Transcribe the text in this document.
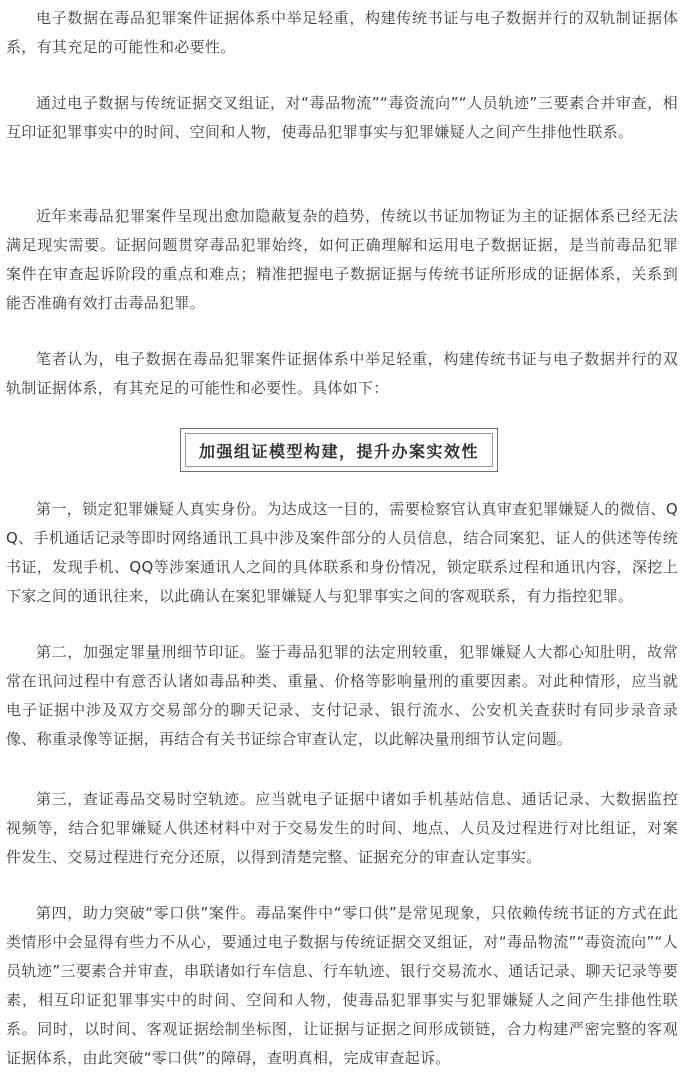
电子数据在毒品犯罪案件证据体系中举足轻重，构建传统书证与电子数据并行的双轨制证据体系，有其充足的可能性和必要性。

通过电子数据与传统证据交叉组证，对“毒品物流”“毒资流向”“人员轨迹”三要素合并审查，相互印证犯罪事实中的时间、空间和人物，使毒品犯罪事实与犯罪嫌疑人之间产生排他性联系。

近年来毒品犯罪案件呈现出愈加隐蔽复杂的趋势，传统以书证加物证为主的证据体系已经无法满足现实需要。证据问题贯穿毒品犯罪始终，如何正确理解和运用电子数据证据，是当前毒品犯罪案件在审查起诉阶段的重点和难点；精准把握电子数据证据与传统书证所形成的证据体系，关系到能否准确有效打击毒品犯罪。

笔者认为，电子数据在毒品犯罪案件证据体系中举足轻重，构建传统书证与电子数据并行的双轨制证据体系，有其充足的可能性和必要性。具体如下：

加强组证模型构建，提升办案实效性

第一，锁定犯罪嫌疑人真实身份。为达成这一目的，需要检察官认真审查犯罪嫌疑人的微信、QQ、手机通话记录等即时网络通讯工具中涉及案件部分的人员信息，结合同案犯、证人的供述等传统书证，发现手机、QQ等涉案通讯人之间的具体联系和身份情况，锁定联系过程和通讯内容，深挖上下家之间的通讯往来，以此确认在案犯罪嫌疑人与犯罪事实之间的客观联系，有力指控犯罪。

第二，加强定罪量刑细节印证。鉴于毒品犯罪的法定刑较重，犯罪嫌疑人大都心知肚明，故常常在讯问过程中有意否认诸如毒品种类、重量、价格等影响量刑的重要因素。对此种情形，应当就电子证据中涉及双方交易部分的聊天记录、支付记录、银行流水、公安机关查获时有同步录音录像、称重录像等证据，再结合有关书证综合审查认定，以此解决量刑细节认定问题。

第三，查证毒品交易时空轨迹。应当就电子证据中诸如手机基站信息、通话记录、大数据监控视频等，结合犯罪嫌疑人供述材料中对于交易发生的时间、地点、人员及过程进行对比组证，对案件发生、交易过程进行充分还原，以得到清楚完整、证据充分的审查认定事实。

第四，助力突破“零口供”案件。毒品案件中“零口供”是常见现象，只依赖传统书证的方式在此类情形中会显得有些力不从心，要通过电子数据与传统证据交叉组证，对“毒品物流”“毒资流向”“人员轨迹”三要素合并审查，串联诸如行车信息、行车轨迹、银行交易流水、通话记录、聊天记录等要素，相互印证犯罪事实中的时间、空间和人物，使毒品犯罪事实与犯罪嫌疑人之间产生排他性联系。同时，以时间、客观证据绘制坐标图，让证据与证据之间形成锁链，合力构建严密完整的客观证据体系，由此突破“零口供”的障碍，查明真相，完成审查起诉。
